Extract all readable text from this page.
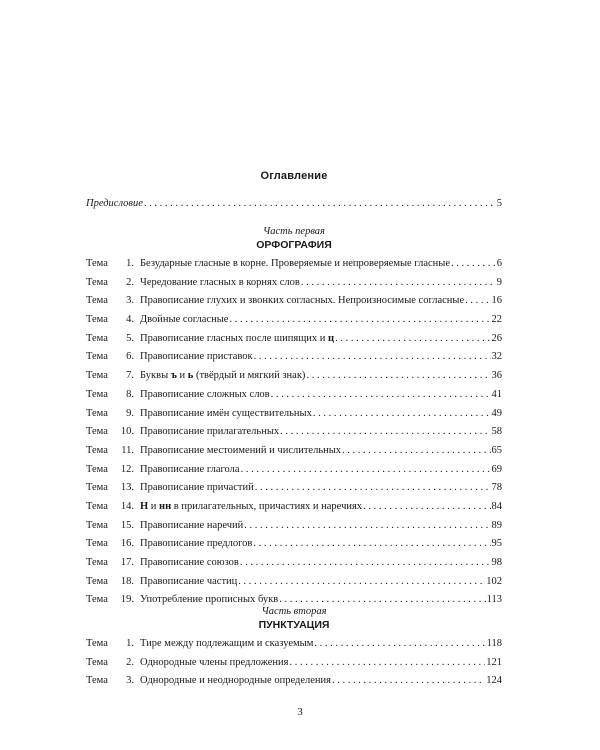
Оглавление
Предисловие . . .	5
Часть первая
ОРФОГРАФИЯ
Тема	1. Безударные гласные в корне. Проверяемые и непроверяемые гласные . . .	6
Тема	2. Чередование гласных в корнях слов . . .	9
Тема	3. Правописание глухих и звонких согласных. Непроизносимые согласные . . .	16
Тема	4. Двойные согласные . . .	22
Тема	5. Правописание гласных после шипящих и ц . . .	26
Тема	6. Правописание приставок . . .	32
Тема	7. Буквы ъ и ь (твёрдый и мягкий знак) . . .	36
Тема	8. Правописание сложных слов . . .	41
Тема	9. Правописание имён существительных . . .	49
Тема	10. Правописание прилагательных . . .	58
Тема	11. Правописание местоимений и числительных . . .	65
Тема	12. Правописание глагола . . .	69
Тема	13. Правописание причастий . . .	78
Тема	14. Н и нн в прилагательных, причастиях и наречиях . . .	84
Тема	15. Правописание наречий . . .	89
Тема	16. Правописание предлогов . . .	95
Тема	17. Правописание союзов . . .	98
Тема	18. Правописание частиц . . .	102
Тема	19. Употребление прописных букв . . .	113
Часть вторая
ПУНКТУАЦИЯ
Тема	1. Тире между подлежащим и сказуемым . . .	118
Тема	2. Однородные члены предложения . . .	121
Тема	3. Однородные и неоднородные определения . . .	124
3
